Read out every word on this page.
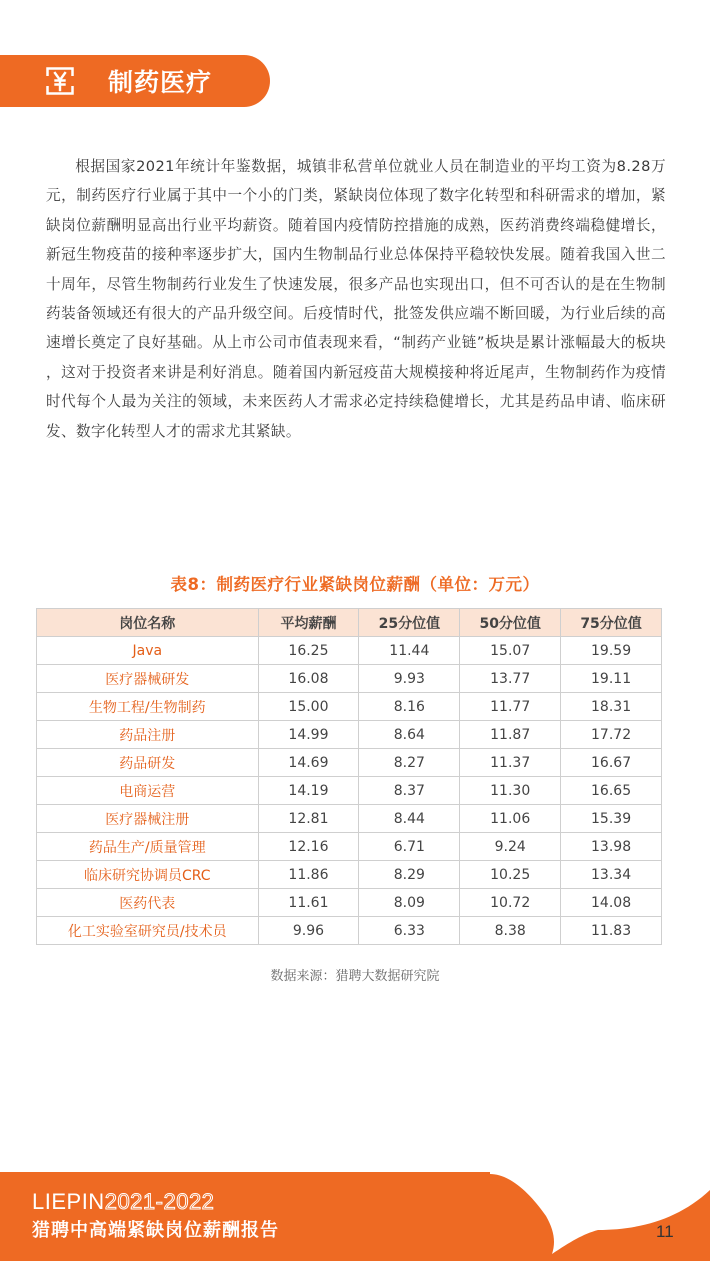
制药医疗

根据国家2021年统计年鉴数据，城镇非私营单位就业人员在制造业的平均工资为8.28万元，制药医疗行业属于其中一个小的门类，紧缺岗位体现了数字化转型和科研需求的增加，紧缺岗位薪酬明显高出行业平均薪资。随着国内疫情防控措施的成熟，医药消费终端稳健增长，新冠生物疫苗的接种率逐步扩大，国内生物制品行业总体保持平稳较快发展。随着我国入世二十周年，尽管生物制药行业发生了快速发展，很多产品也实现出口，但不可否认的是在生物制药装备领域还有很大的产品升级空间。后疫情时代，批签发供应端不断回暖，为行业后续的高速增长奠定了良好基础。从上市公司市值表现来看，“制药产业链”板块是累计涨幅最大的板块 ，这对于投资者来讲是利好消息。随着国内新冠疫苗大规模接种将近尾声，生物制药作为疫情时代每个人最为关注的领域，未来医药人才需求必定持续稳健增长，尤其是药品申请、临床研发、数字化转型人才的需求尤其紧缺。

表8：制药医疗行业紧缺岗位薪酬（单位：万元）
岗位名称	平均薪酬	25分位值	50分位值	75分位值
Java	16.25	11.44	15.07	19.59
医疗器械研发	16.08	9.93	13.77	19.11
生物工程/生物制药	15.00	8.16	11.77	18.31
药品注册	14.99	8.64	11.87	17.72
药品研发	14.69	8.27	11.37	16.67
电商运营	14.19	8.37	11.30	16.65
医疗器械注册	12.81	8.44	11.06	15.39
药品生产/质量管理	12.16	6.71	9.24	13.98
临床研究协调员CRC	11.86	8.29	10.25	13.34
医药代表	11.61	8.09	10.72	14.08
化工实验室研究员/技术员	9.96	6.33	8.38	11.83
数据来源：猎聘大数据研究院
LIEPIN2021-2022
猎聘中高端紧缺岗位薪酬报告	11
